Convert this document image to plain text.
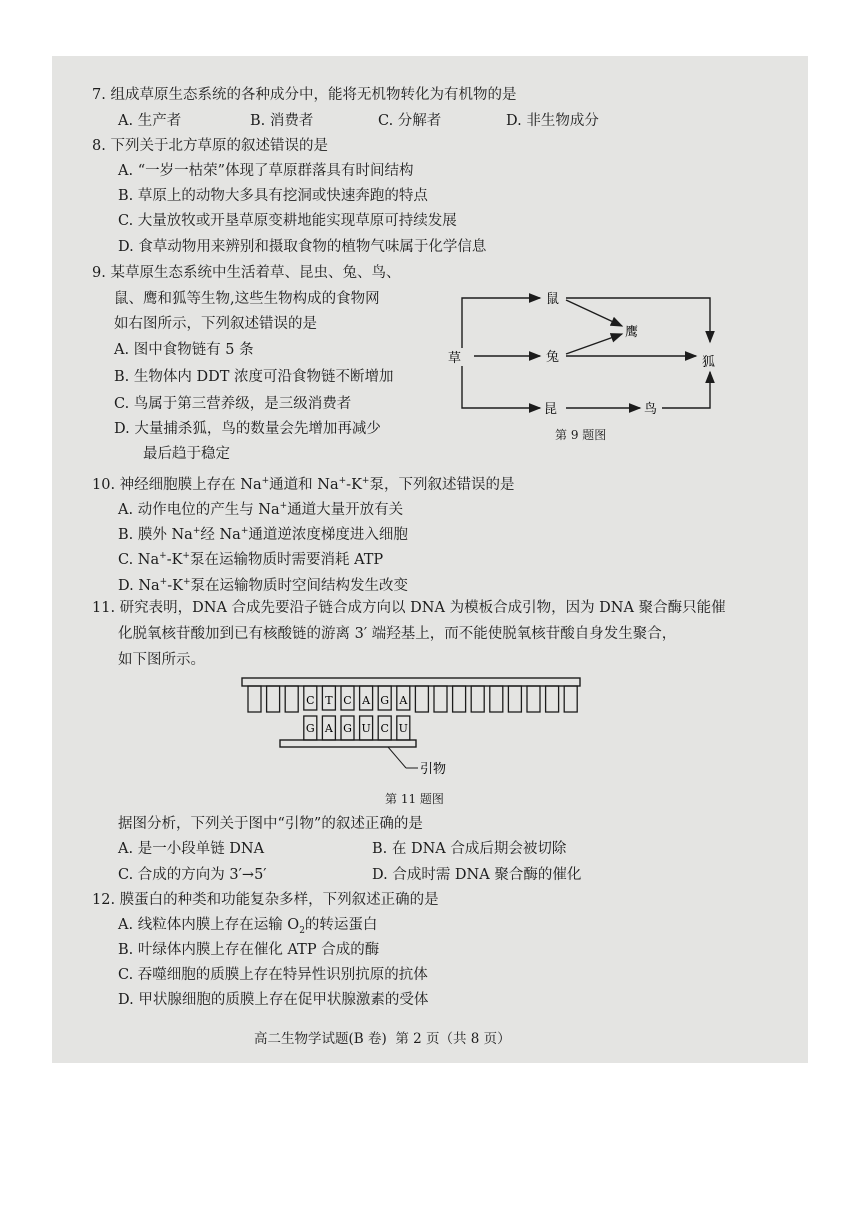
7. 组成草原生态系统的各种成分中，能将无机物转化为有机物的是
A. 生产者	B. 消费者	C. 分解者	D. 非生物成分
8. 下列关于北方草原的叙述错误的是
A. “一岁一枯荣”体现了草原群落具有时间结构
B. 草原上的动物大多具有挖洞或快速奔跑的特点
C. 大量放牧或开垦草原变耕地能实现草原可持续发展
D. 食草动物用来辨别和摄取食物的植物气味属于化学信息
9. 某草原生态系统中生活着草、昆虫、兔、鸟、
鼠、鹰和狐等生物,这些生物构成的食物网
如右图所示，下列叙述错误的是
A. 图中食物链有 5 条
B. 生物体内 DDT 浓度可沿食物链不断增加
C. 鸟属于第三营养级，是三级消费者
D. 大量捕杀狐，鸟的数量会先增加再减少
最后趋于稳定
草
鼠
兔
昆
鹰
狐
鸟
第 9 题图
10. 神经细胞膜上存在 Na+通道和 Na+-K+泵，下列叙述错误的是
A. 动作电位的产生与 Na+通道大量开放有关
B. 膜外 Na+经 Na+通道逆浓度梯度进入细胞
C. Na+-K+泵在运输物质时需要消耗 ATP
D. Na+-K+泵在运输物质时空间结构发生改变
11. 研究表明，DNA 合成先要沿子链合成方向以 DNA 为模板合成引物，因为 DNA 聚合酶只能催
化脱氧核苷酸加到已有核酸链的游离 3′ 端羟基上，而不能使脱氧核苷酸自身发生聚合，
如下图所示。
C T C A G A
G A G U C U
引物
第 11 题图
据图分析，下列关于图中“引物”的叙述正确的是
A. 是一小段单链 DNA	B. 在 DNA 合成后期会被切除
C. 合成的方向为 3′→5′	D. 合成时需 DNA 聚合酶的催化
12. 膜蛋白的种类和功能复杂多样，下列叙述正确的是
A. 线粒体内膜上存在运输 $O_2$的转运蛋白
B. 叶绿体内膜上存在催化 ATP 合成的酶
C. 吞噬细胞的质膜上存在特异性识别抗原的抗体
D. 甲状腺细胞的质膜上存在促甲状腺激素的受体
高二生物学试题(B 卷)  第 2 页（共 8 页）
